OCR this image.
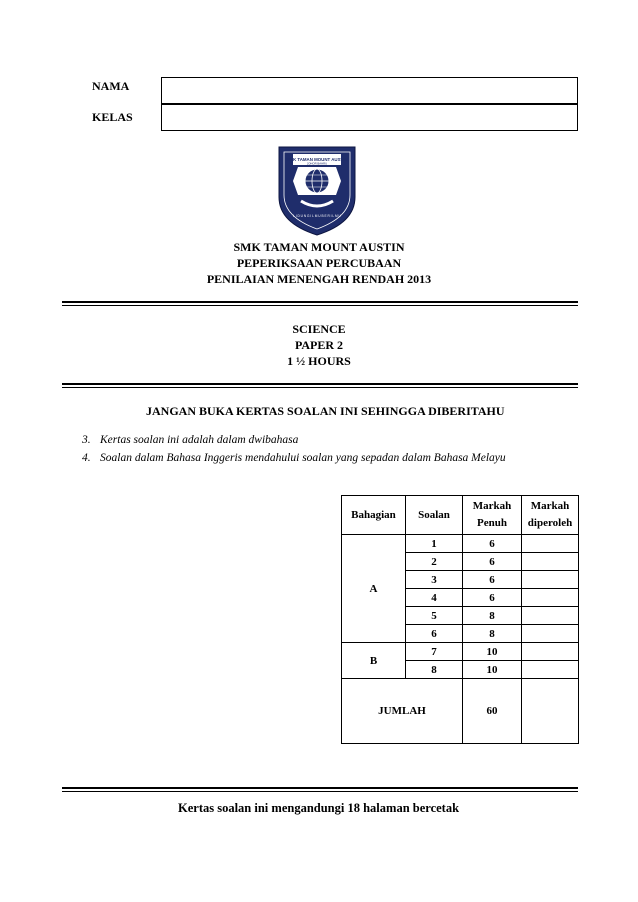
NAMA
KELAS
SMK TAMAN MOUNT AUSTIN
JOHOR BAHRU
L I D U N G I L M U B E R I L M U
SMK TAMAN MOUNT AUSTIN
PEPERIKSAAN PERCUBAAN
PENILAIAN MENENGAH RENDAH 2013
SCIENCE
PAPER 2
1 ½ HOURS
JANGAN BUKA KERTAS SOALAN INI SEHINGGA DIBERITAHU
3. Kertas soalan ini adalah dalam dwibahasa
4. Soalan dalam Bahasa Inggeris mendahului soalan yang sepadan dalam Bahasa Melayu
Bahagian	Soalan	Markah Penuh	Markah diperoleh
A	1	6	
	2	6	
	3	6	
	4	6	
	5	8	
	6	8	
B	7	10	
	8	10	
JUMLAH		60	
Kertas soalan ini mengandungi 18 halaman bercetak
